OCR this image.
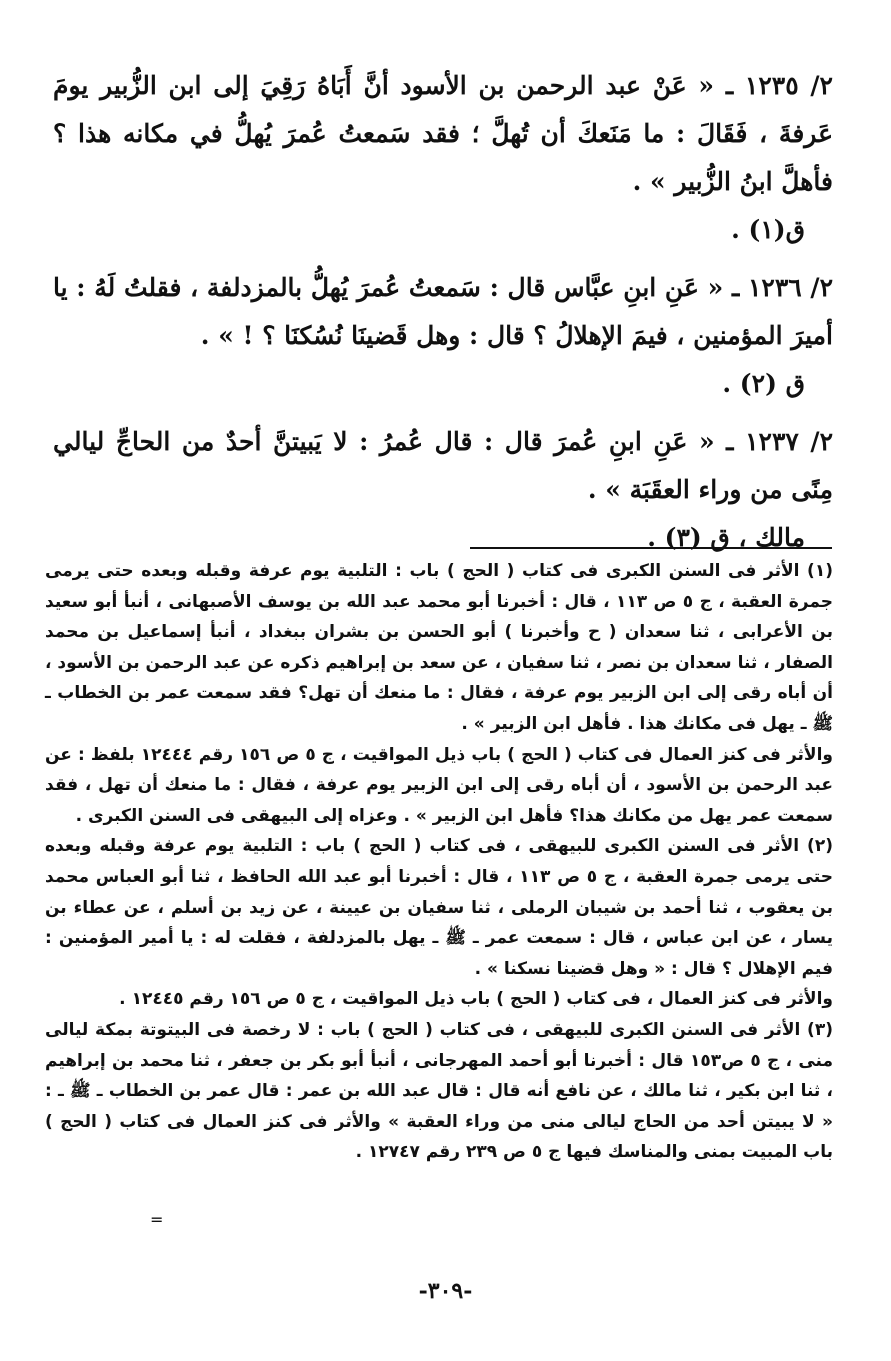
٢/ ١٢٣٥ ـ « عَنْ عبد الرحمن بن الأسود أنَّ أَبَاهُ رَقِيَ إلى ابن الزُّبير يومَ عَرفةَ ، فَقَالَ : ما مَنَعكَ أن تُهلَّ ؛ فقد سَمعتُ عُمرَ يُهلُّ في مكانه هذا ؟ فأهلَّ ابنُ الزُّبير » .
ق(١) .
٢/ ١٢٣٦ ـ « عَنِ ابنِ عبَّاس قال : سَمعتُ عُمرَ يُهلُّ بالمزدلفة ، فقلتُ لَهُ : يا أميرَ المؤمنين ، فيمَ الإهلالُ ؟ قال : وهل قَضينَا نُسُكنَا ؟ ! » .
ق (٢) .
٢/ ١٢٣٧ ـ « عَنِ ابنِ عُمرَ قال : قال عُمرُ : لا يَبيتنَّ أحدٌ من الحاجِّ ليالي مِنًى من وراء العقَبَة » .
مالك ، ق (٣) .
(١) الأثر فى السنن الكبرى فى كتاب ( الحج ) باب : التلبية يوم عرفة وقبله وبعده حتى يرمى جمرة العقبة ، ج ٥ ص ١١٣ ، قال : أخبرنا أبو محمد عبد الله بن يوسف الأصبهانى ، أنبأ أبو سعيد بن الأعرابى ، ثنا سعدان ( ح وأخبرنا ) أبو الحسن بن بشران ببغداد ، أنبأ إسماعيل بن محمد الصفار ، ثنا سعدان بن نصر ، ثنا سفيان ، عن سعد بن إبراهيم ذكره عن عبد الرحمن بن الأسود ، أن أباه رقى إلى ابن الزبير يوم عرفة ، فقال : ما منعك أن تهل؟ فقد سمعت عمر بن الخطاب ـ ﷺ ـ يهل فى مكانك هذا . فأهل ابن الزبير » .
والأثر فى كنز العمال فى كتاب ( الحج ) باب ذيل المواقيت ، ج ٥ ص ١٥٦ رقم ١٢٤٤٤ بلفظ : عن عبد الرحمن بن الأسود ، أن أباه رقى إلى ابن الزبير يوم عرفة ، فقال : ما منعك أن تهل ، فقد سمعت عمر يهل من مكانك هذا؟ فأهل ابن الزبير » . وعزاه إلى البيهقى فى السنن الكبرى .
(٢) الأثر فى السنن الكبرى للبيهقى ، فى كتاب ( الحج ) باب : التلبية يوم عرفة وقبله وبعده حتى يرمى جمرة العقبة ، ج ٥ ص ١١٣ ، قال : أخبرنا أبو عبد الله الحافظ ، ثنا أبو العباس محمد بن يعقوب ، ثنا أحمد بن شيبان الرملى ، ثنا سفيان بن عيينة ، عن زيد بن أسلم ، عن عطاء بن يسار ، عن ابن عباس ، قال : سمعت عمر ـ ﷺ ـ يهل بالمزدلفة ، فقلت له : يا أمير المؤمنين : فيم الإهلال ؟ قال : « وهل قضينا نسكنا » .
والأثر فى كنز العمال ، فى كتاب ( الحج ) باب ذيل المواقيت ، ج ٥ ص ١٥٦ رقم ١٢٤٤٥ .
(٣) الأثر فى السنن الكبرى للبيهقى ، فى كتاب ( الحج ) باب : لا رخصة فى البيتوتة بمكة ليالى منى ، ج ٥ ص١٥٣ قال : أخبرنا أبو أحمد المهرجانى ، أنبأ أبو بكر بن جعفر ، ثنا محمد بن إبراهيم ، ثنا ابن بكير ، ثنا مالك ، عن نافع أنه قال : قال عبد الله بن عمر : قال عمر بن الخطاب ـ ﷺ ـ : « لا يبيتن أحد من الحاج ليالى منى من وراء العقبة » والأثر فى كنز العمال فى كتاب ( الحج ) باب المبيت بمنى والمناسك فيها ج ٥ ص ٢٣٩ رقم ١٢٧٤٧ .
=
-٣٠٩-
